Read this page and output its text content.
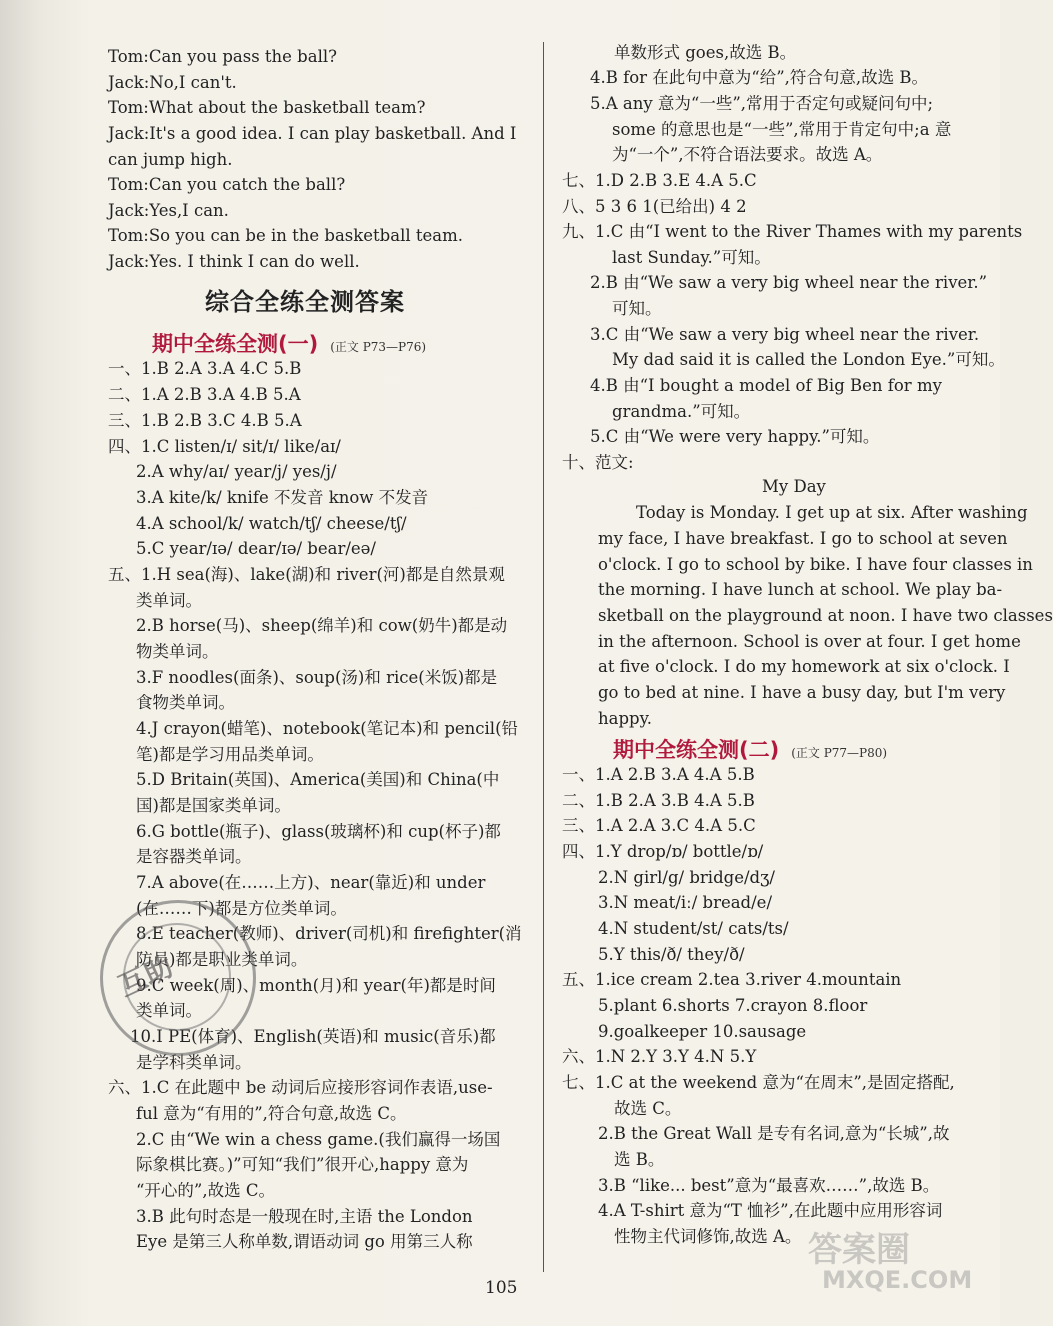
Tom:Can you pass the ball?
Jack:No,I can't.
Tom:What about the basketball team?
Jack:It's a good idea. I can play basketball. And I
can jump high.
Tom:Can you catch the ball?
Jack:Yes,I can.
Tom:So you can be in the basketball team.
Jack:Yes. I think I can do well.
综合全练全测答案
期中全练全测(一) (正文 P73—P76)
一、1.B 2.A 3.A 4.C 5.B
二、1.A 2.B 3.A 4.B 5.A
三、1.B 2.B 3.C 4.B 5.A
四、1.C listen/ɪ/ sit/ɪ/ like/aɪ/
2.A why/aɪ/ year/j/ yes/j/
3.A kite/k/ knife 不发音 know 不发音
4.A school/k/ watch/tʃ/ cheese/tʃ/
5.C year/ɪə/ dear/ɪə/ bear/eə/
五、1.H sea(海)、lake(湖)和 river(河)都是自然景观
类单词。
2.B horse(马)、sheep(绵羊)和 cow(奶牛)都是动
物类单词。
3.F noodles(面条)、soup(汤)和 rice(米饭)都是
食物类单词。
4.J crayon(蜡笔)、notebook(笔记本)和 pencil(铅
笔)都是学习用品类单词。
5.D Britain(英国)、America(美国)和 China(中
国)都是国家类单词。
6.G bottle(瓶子)、glass(玻璃杯)和 cup(杯子)都
是容器类单词。
7.A above(在……上方)、near(靠近)和 under
(在……下)都是方位类单词。
8.E teacher(教师)、driver(司机)和 firefighter(消
防员)都是职业类单词。
9.C week(周)、month(月)和 year(年)都是时间
类单词。
10.I PE(体育)、English(英语)和 music(音乐)都
是学科类单词。
六、1.C 在此题中 be 动词后应接形容词作表语,use-
ful 意为“有用的”,符合句意,故选 C。
2.C 由“We win a chess game.(我们赢得一场国
际象棋比赛。)”可知“我们”很开心,happy 意为
“开心的”,故选 C。
3.B 此句时态是一般现在时,主语 the London
Eye 是第三人称单数,谓语动词 go 用第三人称
单数形式 goes,故选 B。
4.B for 在此句中意为“给”,符合句意,故选 B。
5.A any 意为“一些”,常用于否定句或疑问句中;
some 的意思也是“一些”,常用于肯定句中;a 意
为“一个”,不符合语法要求。故选 A。
七、1.D 2.B 3.E 4.A 5.C
八、5 3 6 1(已给出) 4 2
九、1.C 由“I went to the River Thames with my parents
last Sunday.”可知。
2.B 由“We saw a very big wheel near the river.”
可知。
3.C 由“We saw a very big wheel near the river.
My dad said it is called the London Eye.”可知。
4.B 由“I bought a model of Big Ben for my
grandma.”可知。
5.C 由“We were very happy.”可知。
十、范文:
My Day
Today is Monday. I get up at six. After washing
my face, I have breakfast. I go to school at seven
o'clock. I go to school by bike. I have four classes in
the morning. I have lunch at school. We play ba-
sketball on the playground at noon. I have two classes
in the afternoon. School is over at four. I get home
at five o'clock. I do my homework at six o'clock. I
go to bed at nine. I have a busy day, but I'm very
happy.
期中全练全测(二) (正文 P77—P80)
一、1.A 2.B 3.A 4.A 5.B
二、1.B 2.A 3.B 4.A 5.B
三、1.A 2.A 3.C 4.A 5.C
四、1.Y drop/ɒ/ bottle/ɒ/
2.N girl/g/ bridge/dʒ/
3.N meat/iː/ bread/e/
4.N student/st/ cats/ts/
5.Y this/ð/ they/ð/
五、1.ice cream 2.tea 3.river 4.mountain
5.plant 6.shorts 7.crayon 8.floor
9.goalkeeper 10.sausage
六、1.N 2.Y 3.Y 4.N 5.Y
七、1.C at the weekend 意为“在周末”,是固定搭配,
故选 C。
2.B the Great Wall 是专有名词,意为“长城”,故
选 B。
3.B “like... best”意为“最喜欢……”,故选 B。
4.A T-shirt 意为“T 恤衫”,在此题中应用形容词
性物主代词修饰,故选 A。
互助
105
答案圈
MXQE.COM
